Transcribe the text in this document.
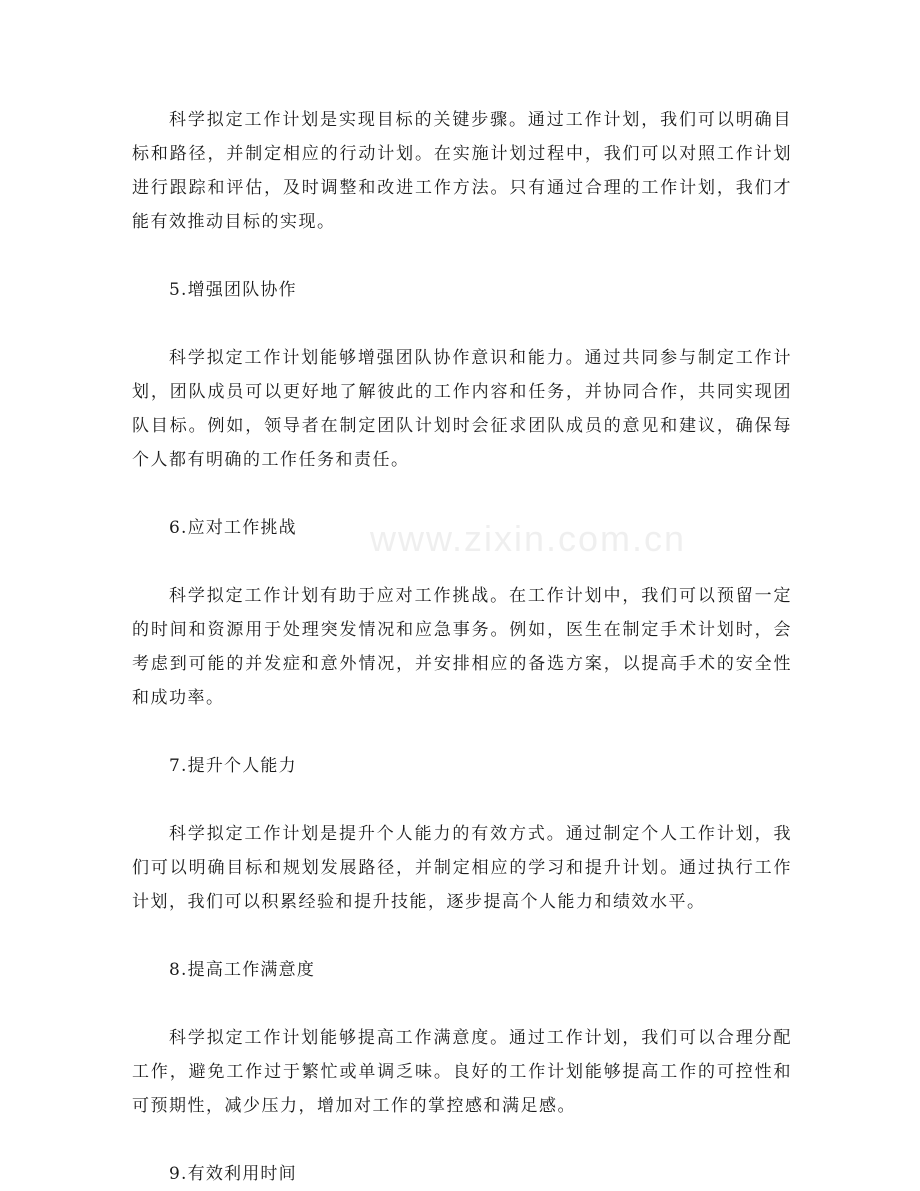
www.zixin.com.cn

科学拟定工作计划是实现目标的关键步骤。通过工作计划，我们可以明确目标和路径，并制定相应的行动计划。在实施计划过程中，我们可以对照工作计划进行跟踪和评估，及时调整和改进工作方法。只有通过合理的工作计划，我们才能有效推动目标的实现。

5.增强团队协作

科学拟定工作计划能够增强团队协作意识和能力。通过共同参与制定工作计划，团队成员可以更好地了解彼此的工作内容和任务，并协同合作，共同实现团队目标。例如，领导者在制定团队计划时会征求团队成员的意见和建议，确保每个人都有明确的工作任务和责任。

6.应对工作挑战

科学拟定工作计划有助于应对工作挑战。在工作计划中，我们可以预留一定的时间和资源用于处理突发情况和应急事务。例如，医生在制定手术计划时，会考虑到可能的并发症和意外情况，并安排相应的备选方案，以提高手术的安全性和成功率。

7.提升个人能力

科学拟定工作计划是提升个人能力的有效方式。通过制定个人工作计划，我们可以明确目标和规划发展路径，并制定相应的学习和提升计划。通过执行工作计划，我们可以积累经验和提升技能，逐步提高个人能力和绩效水平。

8.提高工作满意度

科学拟定工作计划能够提高工作满意度。通过工作计划，我们可以合理分配工作，避免工作过于繁忙或单调乏味。良好的工作计划能够提高工作的可控性和可预期性，减少压力，增加对工作的掌控感和满足感。

9.有效利用时间
